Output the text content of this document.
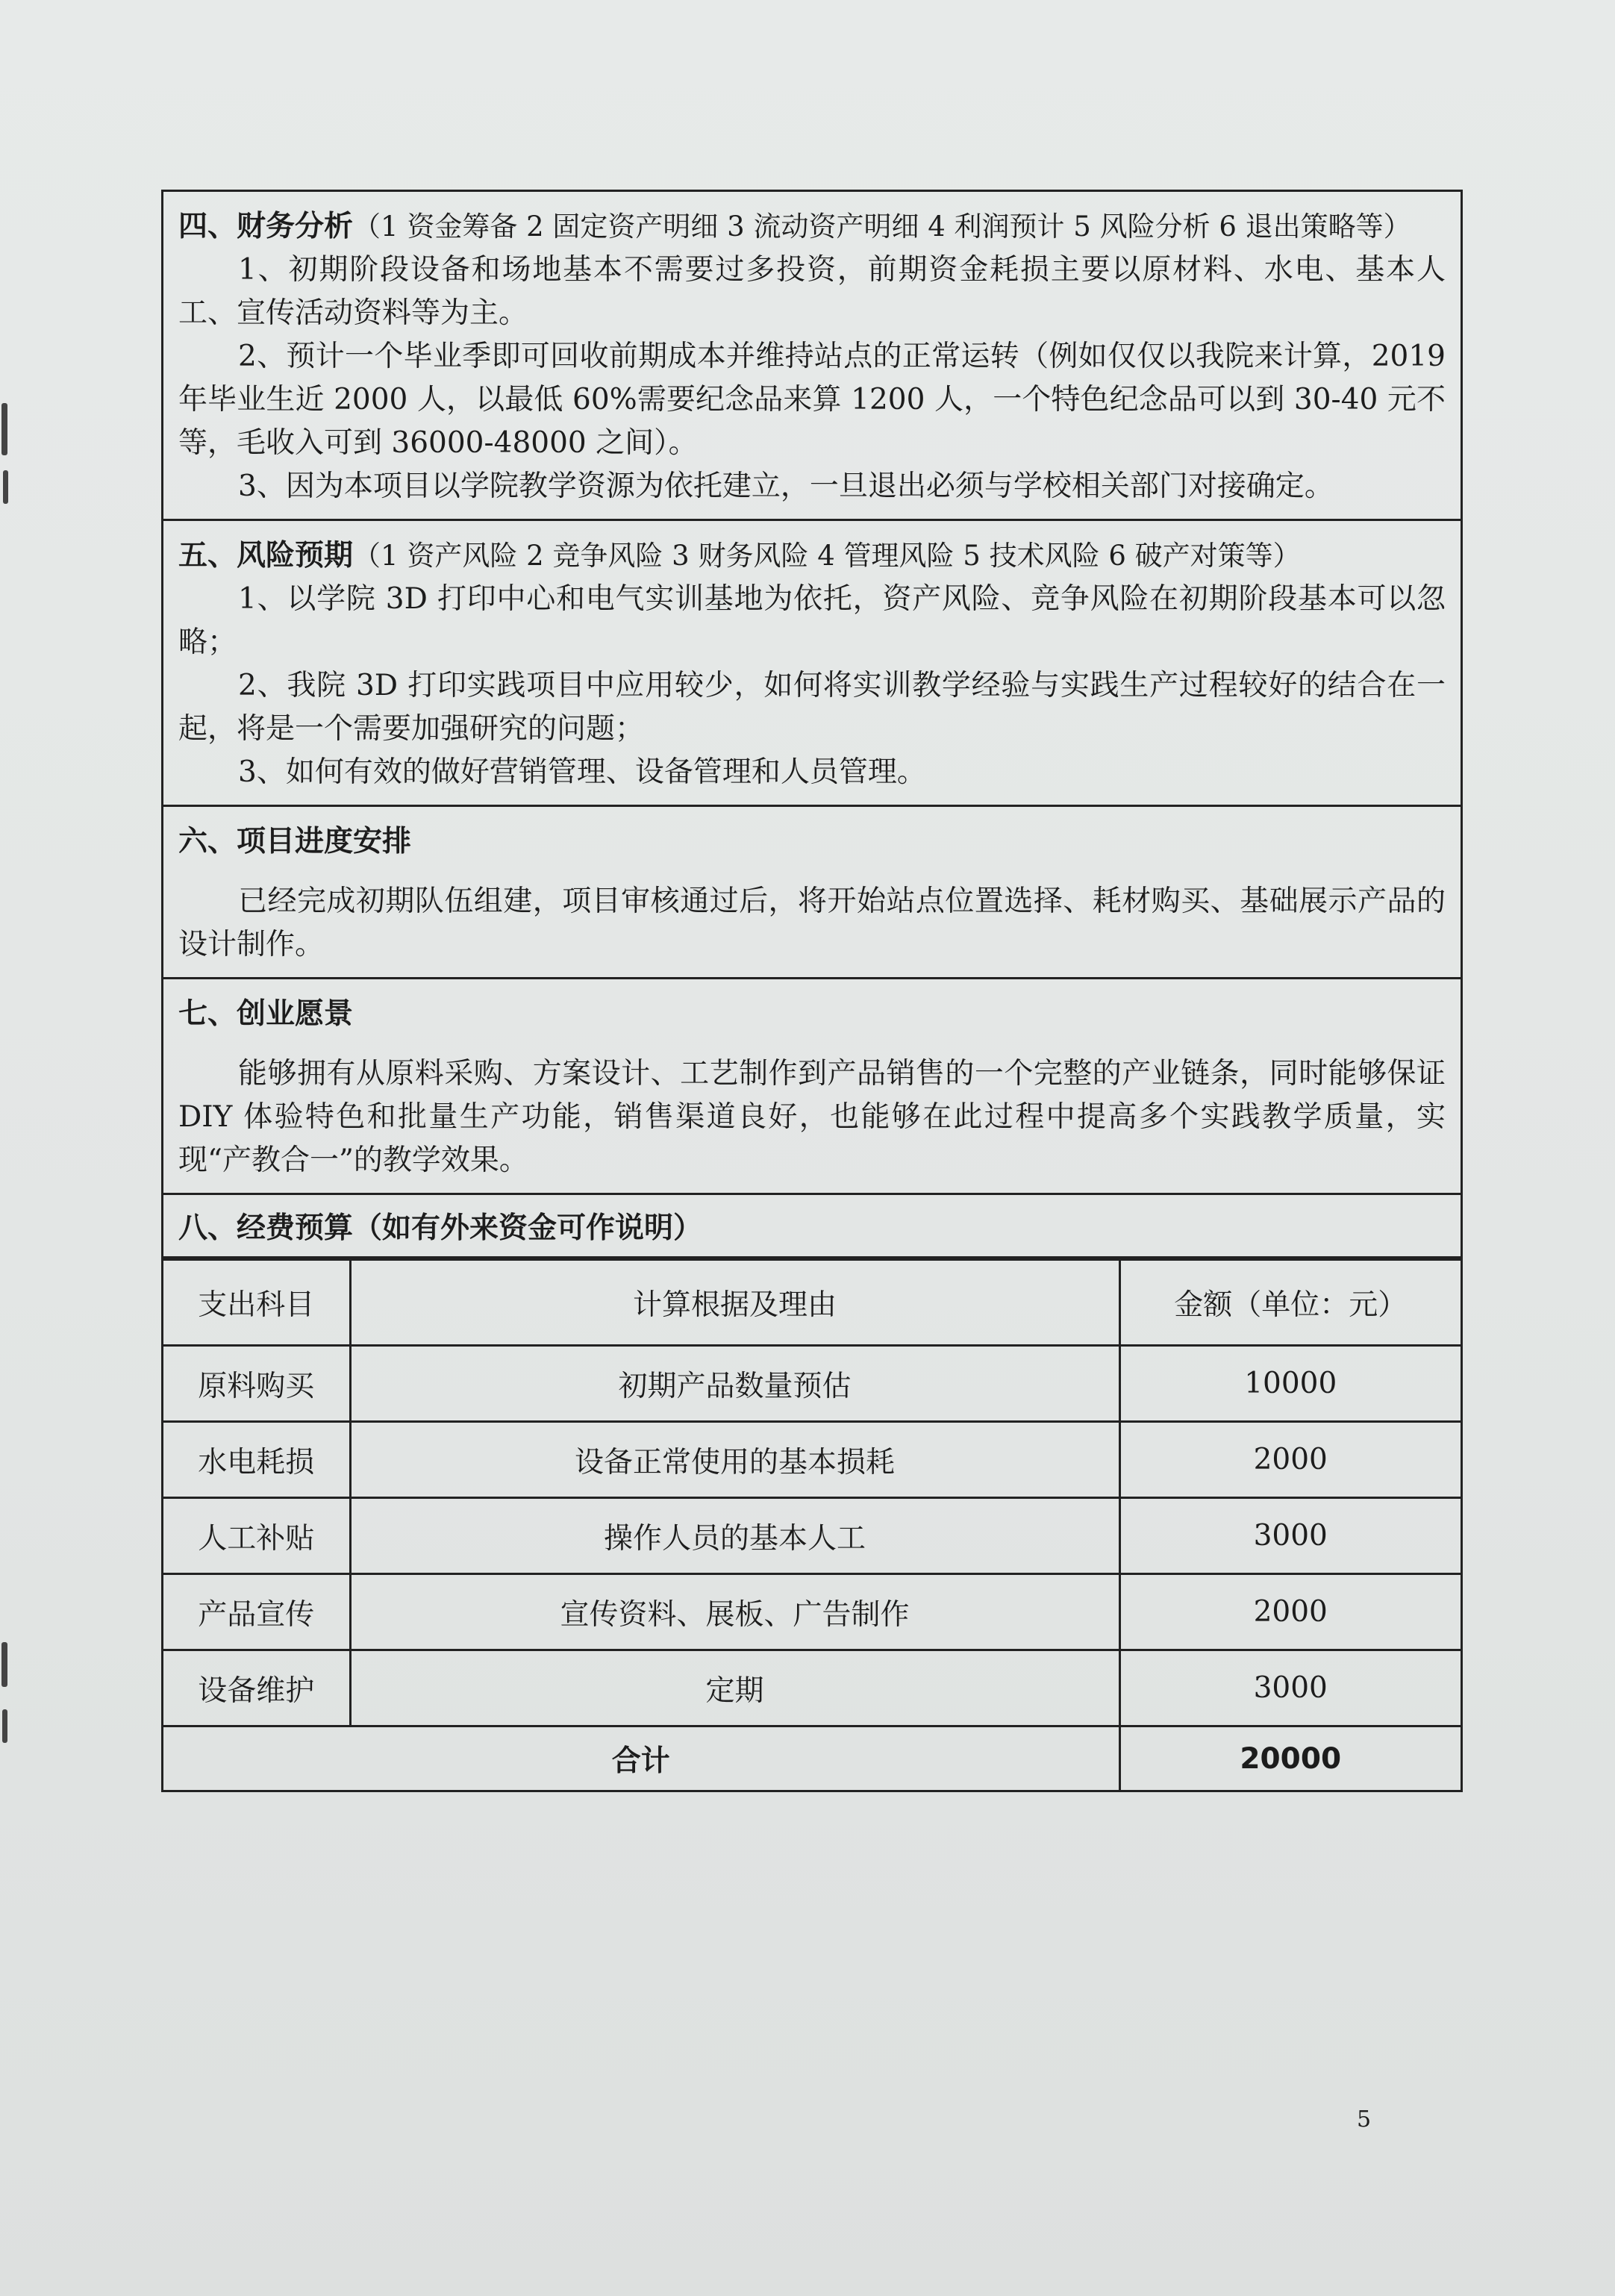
四、财务分析（1 资金筹备 2 固定资产明细 3 流动资产明细 4 利润预计 5 风险分析 6 退出策略等）

1、初期阶段设备和场地基本不需要过多投资，前期资金耗损主要以原材料、水电、基本人工、宣传活动资料等为主。

2、预计一个毕业季即可回收前期成本并维持站点的正常运转（例如仅仅以我院来计算，2019 年毕业生近 2000 人，以最低 60%需要纪念品来算 1200 人，一个特色纪念品可以到 30-40 元不等，毛收入可到 36000-48000 之间）。

3、因为本项目以学院教学资源为依托建立，一旦退出必须与学校相关部门对接确定。

五、风险预期（1 资产风险 2 竞争风险 3 财务风险 4 管理风险 5 技术风险 6 破产对策等）

1、以学院 3D 打印中心和电气实训基地为依托，资产风险、竞争风险在初期阶段基本可以忽略；

2、我院 3D 打印实践项目中应用较少，如何将实训教学经验与实践生产过程较好的结合在一起，将是一个需要加强研究的问题；

3、如何有效的做好营销管理、设备管理和人员管理。

六、项目进度安排

已经完成初期队伍组建，项目审核通过后，将开始站点位置选择、耗材购买、基础展示产品的设计制作。

七、创业愿景

能够拥有从原料采购、方案设计、工艺制作到产品销售的一个完整的产业链条，同时能够保证 DIY 体验特色和批量生产功能，销售渠道良好，也能够在此过程中提高多个实践教学质量，实现“产教合一”的教学效果。

八、经费预算（如有外来资金可作说明）
支出科目	计算根据及理由	金额（单位：元）
原料购买	初期产品数量预估	10000
水电耗损	设备正常使用的基本损耗	2000
人工补贴	操作人员的基本人工	3000
产品宣传	宣传资料、展板、广告制作	2000
设备维护	定期	3000
合计		20000
5
